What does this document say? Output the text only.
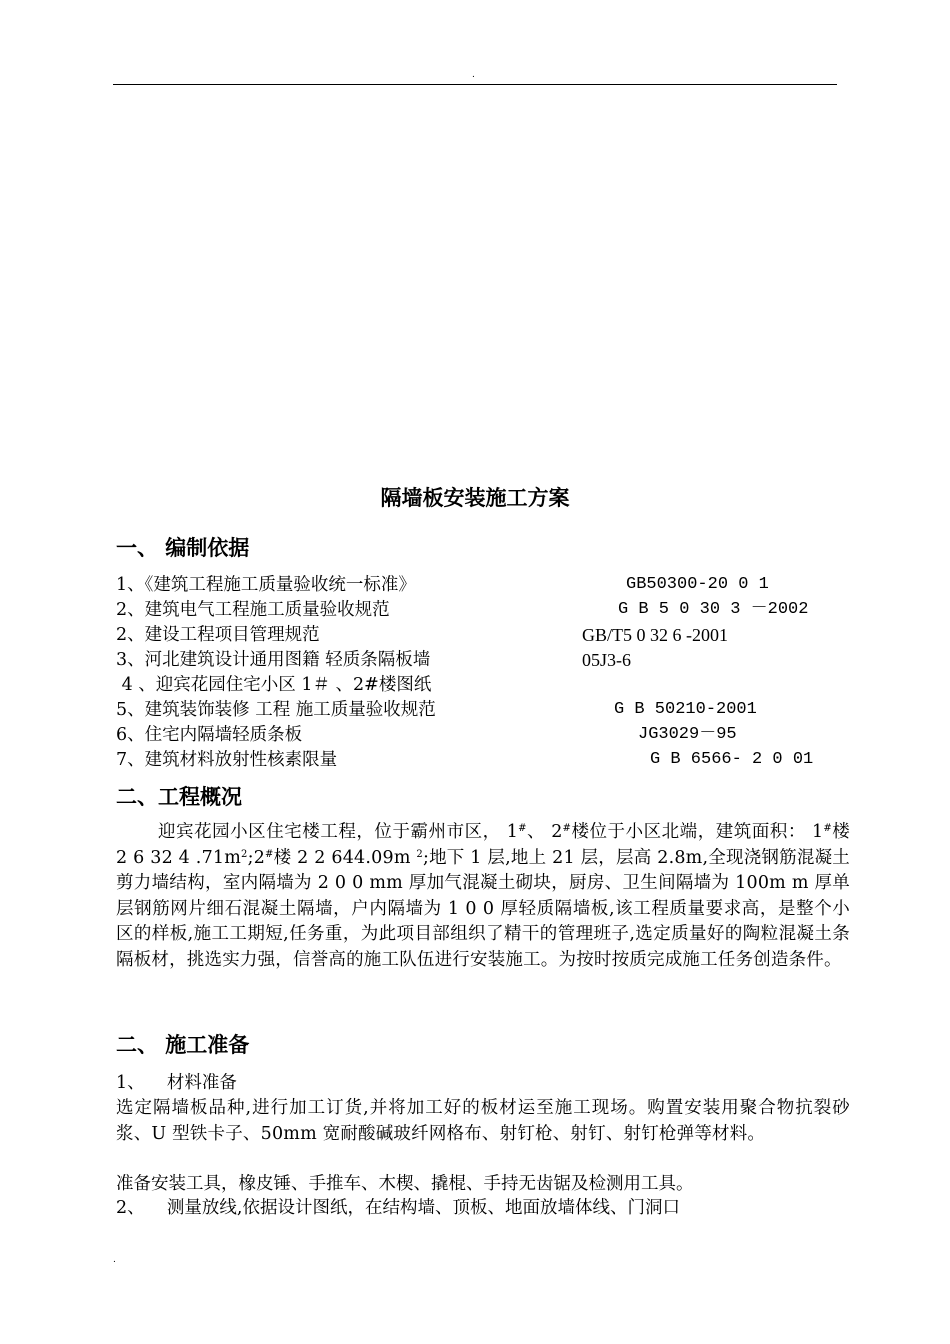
.
隔墙板安装施工方案
一、 编制依据
1、《建筑工程施工质量验收统一标准》	GB50300-20 0 1
2、建筑电气工程施工质量验收规范	G B 5 0 30 3 －2002
2、建设工程项目管理规范	GB/T5 0 32 6 -2001
3、河北建筑设计通用图籍 轻质条隔板墙	05J3-6
4 、迎宾花园住宅小区 1＃ 、2#楼图纸
5、建筑装饰装修 工程 施工质量验收规范	G B 50210-2001
6、住宅内隔墙轻质条板	JG3029－95
7、建筑材料放射性核素限量	G B 6566- 2 0 01
二、工程概况
迎宾花园小区住宅楼工程，位于霸州市区， 1#、 2#楼位于小区北端，建筑面积： 1#楼 2 6 32 4 $.71m^2;2^{\#}$楼 2 2 644.09m $^2$;地下 1 层,地上 21 层，层高 2.8m,全现浇钢筋混凝土剪力墙结构，室内隔墙为 2 0 0 mm 厚加气混凝土砌块，厨房、卫生间隔墙为 100m m 厚单层钢筋网片细石混凝土隔墙，户内隔墙为 1 0 0 厚轻质隔墙板,该工程质量要求高，是整个小区的样板,施工工期短,任务重，为此项目部组织了精干的管理班子,选定质量好的陶粒混凝土条隔板材，挑选实力强，信誉高的施工队伍进行安装施工。为按时按质完成施工任务创造条件。
二、 施工准备
1、    材料准备
选定隔墙板品种,进行加工订货,并将加工好的板材运至施工现场。购置安装用聚合物抗裂砂浆、U 型铁卡子、50mm 宽耐酸碱玻纤网格布、射钉枪、射钉、射钉枪弹等材料。
准备安装工具，橡皮锤、手推车、木楔、撬棍、手持无齿锯及检测用工具。
2、    测量放线,依据设计图纸，在结构墙、顶板、地面放墙体线、门洞口
.
